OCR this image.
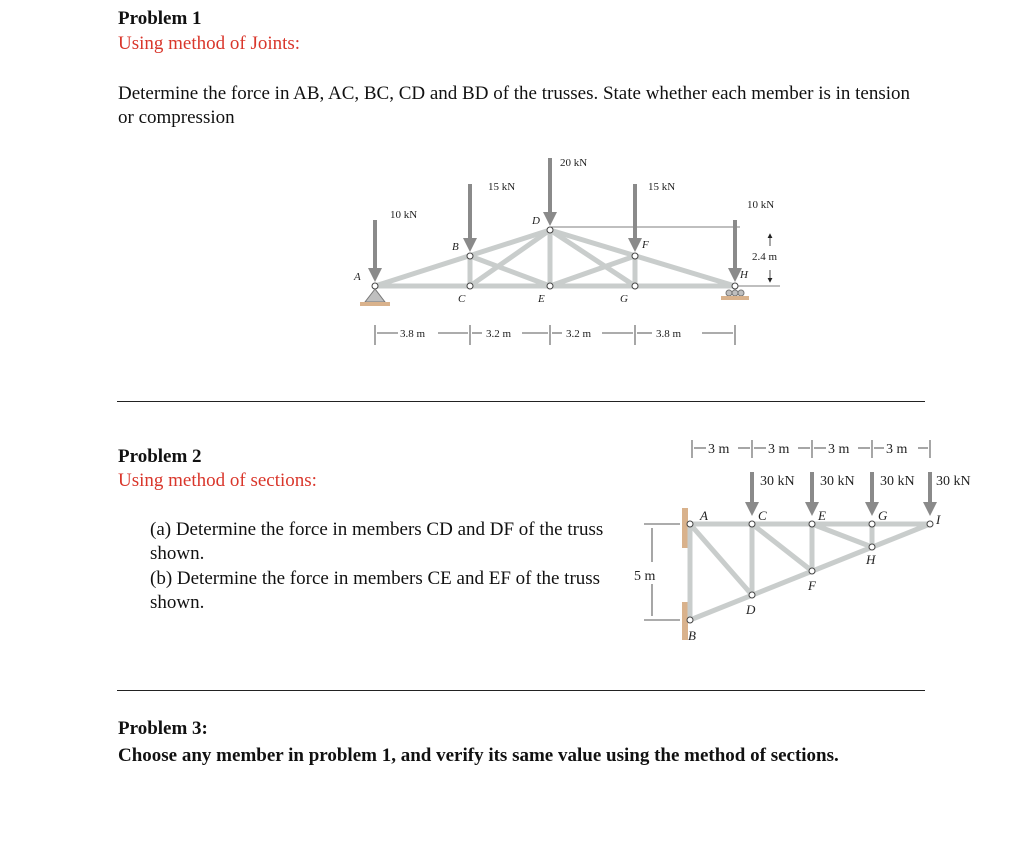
Problem 1
Using method of Joints:
Determine the force in AB, AC, BC, CD and BD of the trusses. State whether each member is in tension or compression
10 kN
15 kN
20 kN
15 kN
10 kN
A
B
C
D
E
F
G
H
2.4 m
3.8 m	3.2 m	3.2 m	3.8 m
Problem 2
Using method of sections:
(a) Determine the force in members CD and DF of the truss shown.
(b) Determine the force in members CE and EF of the truss shown.
3 m	3 m	3 m	3 m
30 kN 30 kN 30 kN 30 kN
5 m
A
B
C
D
E
F
G
H
I
Problem 3:
Choose any member in problem 1, and verify its same value using the method of sections.
